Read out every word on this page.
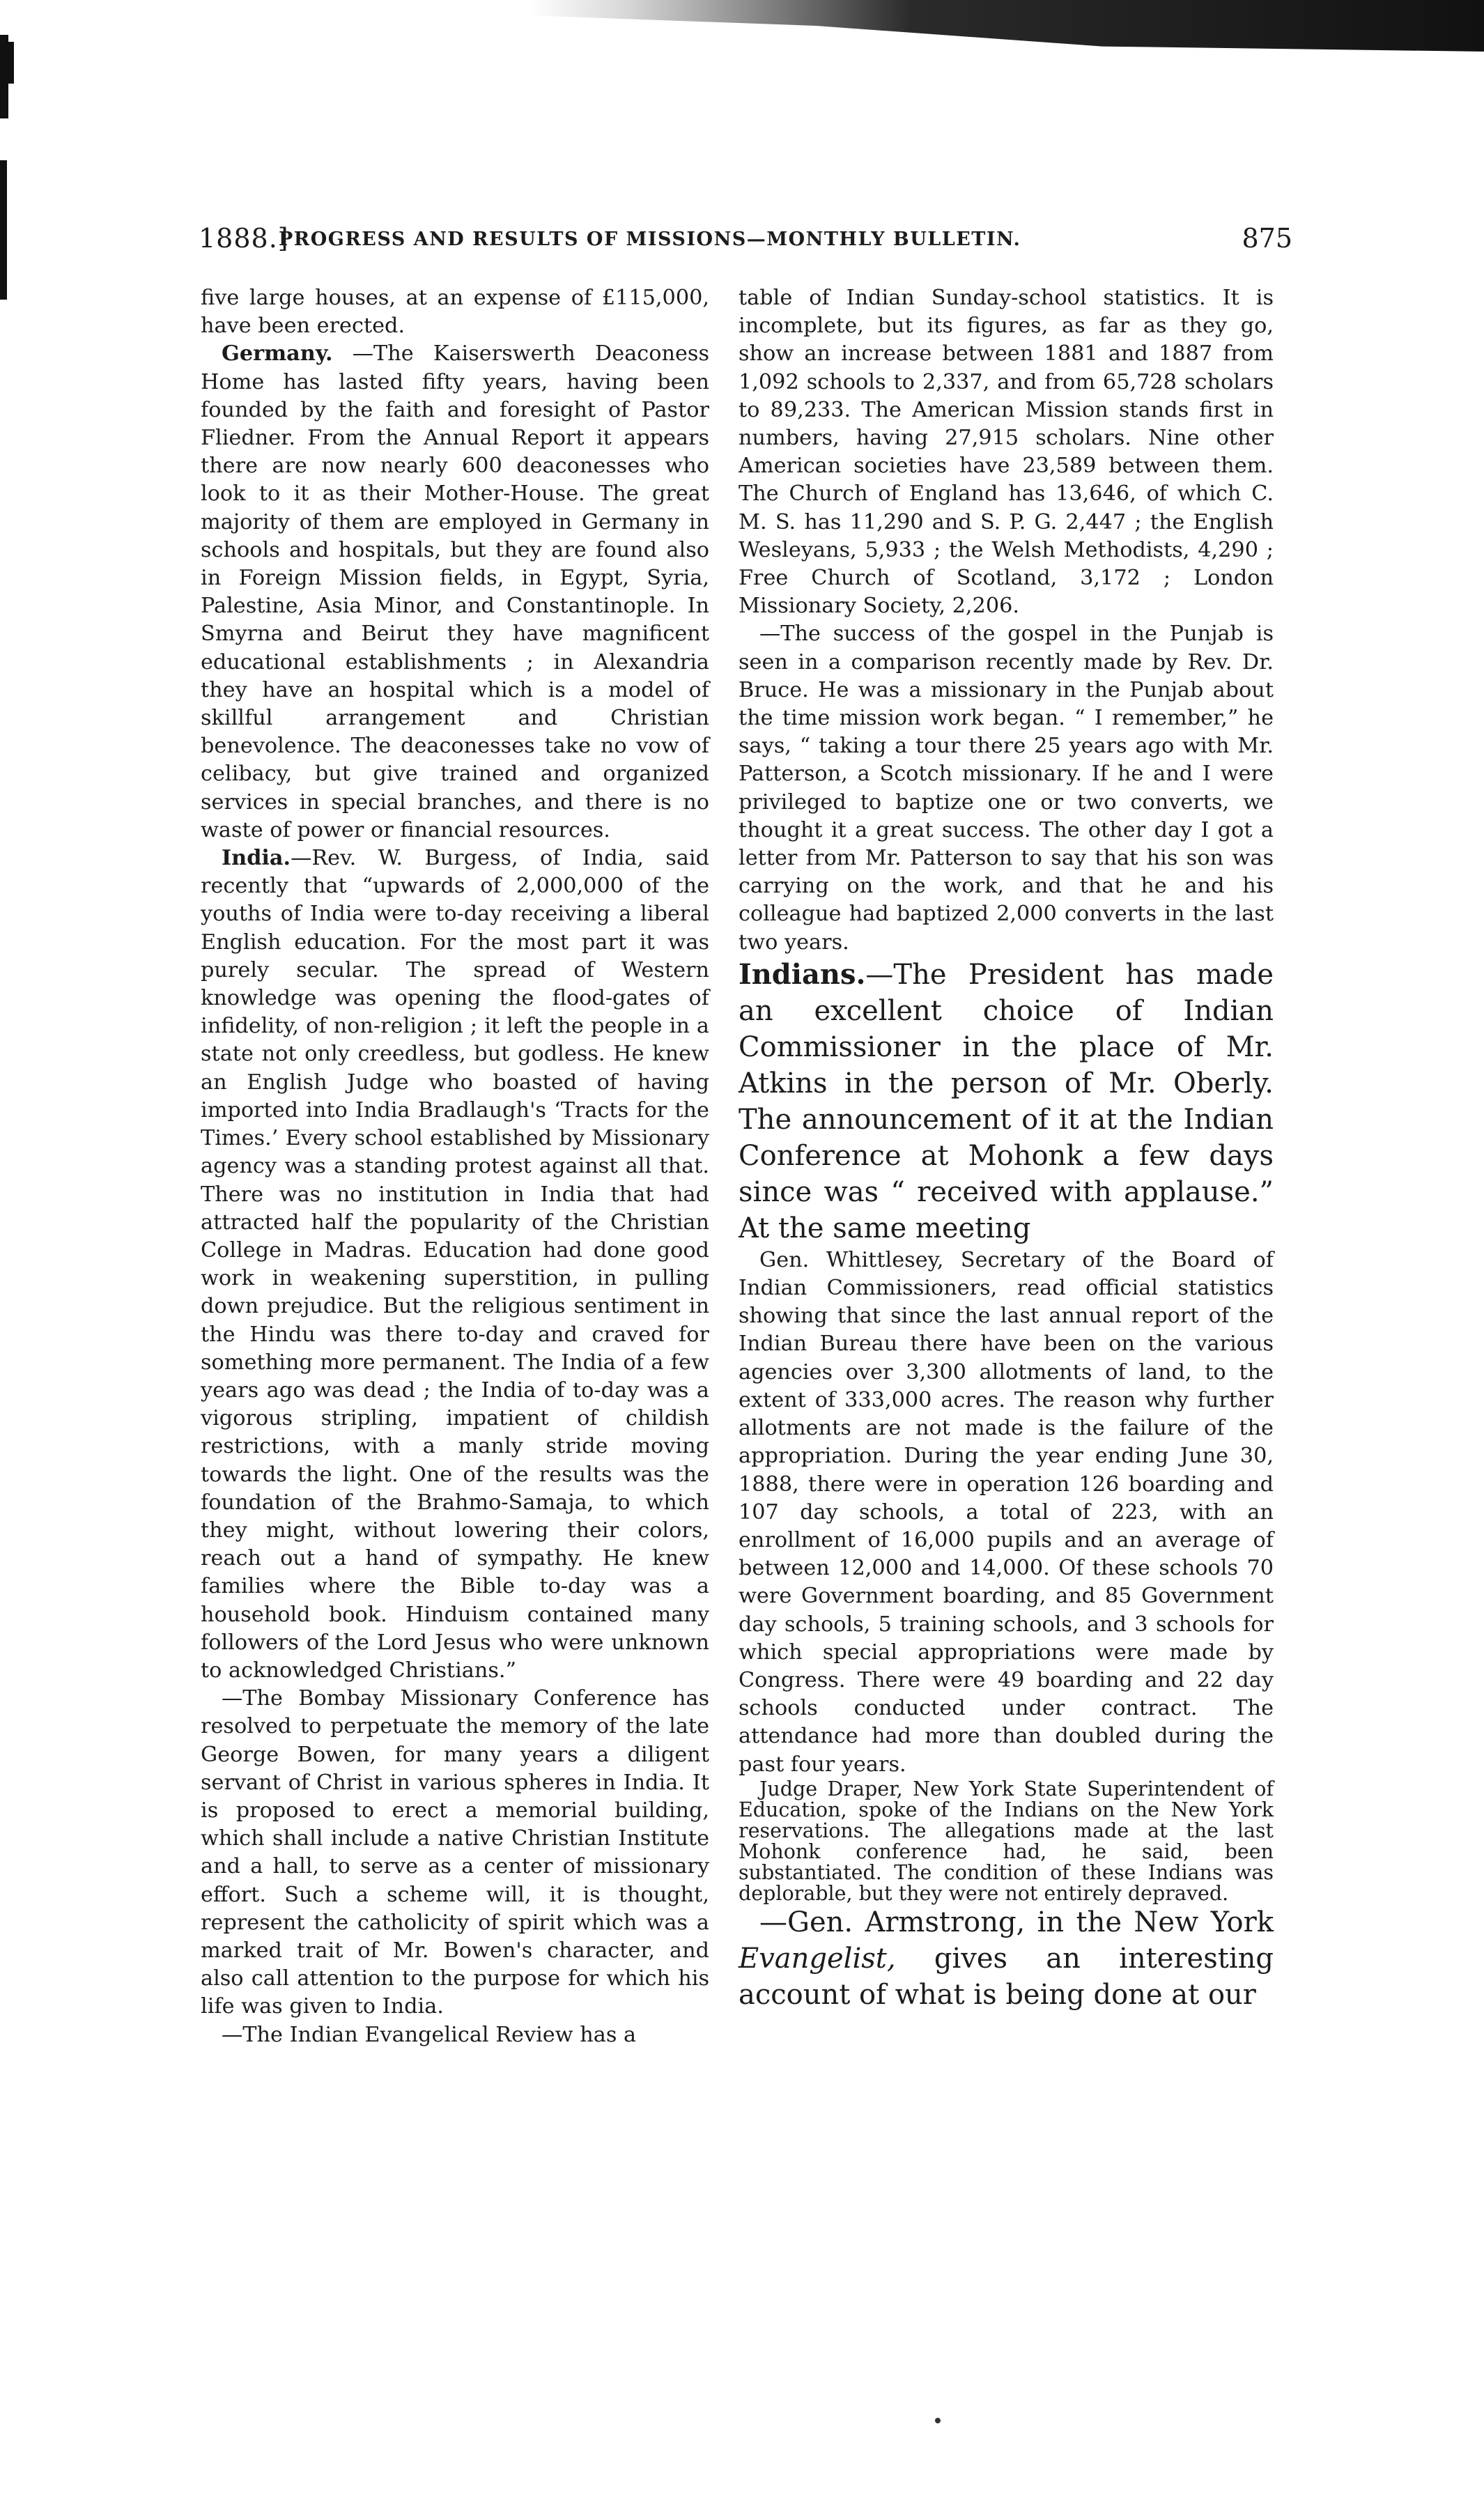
1888.]
PROGRESS AND RESULTS OF MISSIONS—MONTHLY BULLETIN.	875

five large houses, at an expense of £115,000, have been erected.

Germany. —The Kaiserswerth Deaconess Home has lasted fifty years, having been founded by the faith and foresight of Pastor Fliedner. From the Annual Report it appears there are now nearly 600 deaconesses who look to it as their Mother-House. The great majority of them are employed in Germany in schools and hospitals, but they are found also in Foreign Mission fields, in Egypt, Syria, Palestine, Asia Minor, and Constantinople. In Smyrna and Beirut they have magnificent educational establishments ; in Alexandria they have an hospital which is a model of skillful arrangement and Christian benevolence. The deaconesses take no vow of celibacy, but give trained and organized services in special branches, and there is no waste of power or financial resources.

India.—Rev. W. Burgess, of India, said recently that “upwards of 2,000,000 of the youths of India were to-day receiving a liberal English education. For the most part it was purely secular. The spread of Western knowledge was opening the flood-gates of infidelity, of non-religion ; it left the people in a state not only creedless, but godless. He knew an English Judge who boasted of having imported into India Bradlaugh's ‘Tracts for the Times.’ Every school established by Missionary agency was a standing protest against all that. There was no institution in India that had attracted half the popularity of the Christian College in Madras. Education had done good work in weakening superstition, in pulling down prejudice. But the religious sentiment in the Hindu was there to-day and craved for something more permanent. The India of a few years ago was dead ; the India of to-day was a vigorous stripling, impatient of childish restrictions, with a manly stride moving towards the light. One of the results was the foundation of the Brahmo-Samaja, to which they might, without lowering their colors, reach out a hand of sympathy. He knew families where the Bible to-day was a household book. Hinduism contained many followers of the Lord Jesus who were unknown to acknowledged Christians.”

—The Bombay Missionary Conference has resolved to perpetuate the memory of the late George Bowen, for many years a diligent servant of Christ in various spheres in India. It is proposed to erect a memorial building, which shall include a native Christian Institute and a hall, to serve as a center of missionary effort. Such a scheme will, it is thought, represent the catholicity of spirit which was a marked trait of Mr. Bowen's character, and also call attention to the purpose for which his life was given to India.

—The Indian Evangelical Review has a

table of Indian Sunday-school statistics. It is incomplete, but its figures, as far as they go, show an increase between 1881 and 1887 from 1,092 schools to 2,337, and from 65,728 scholars to 89,233. The American Mission stands first in numbers, having 27,915 scholars. Nine other American societies have 23,589 between them. The Church of England has 13,646, of which C. M. S. has 11,290 and S. P. G. 2,447 ; the English Wesleyans, 5,933 ; the Welsh Methodists, 4,290 ; Free Church of Scotland, 3,172 ; London Missionary Society, 2,206.

—The success of the gospel in the Punjab is seen in a comparison recently made by Rev. Dr. Bruce. He was a missionary in the Punjab about the time mission work began. “ I remember,” he says, “ taking a tour there 25 years ago with Mr. Patterson, a Scotch missionary. If he and I were privileged to baptize one or two converts, we thought it a great success. The other day I got a letter from Mr. Patterson to say that his son was carrying on the work, and that he and his colleague had baptized 2,000 converts in the last two years.

Indians.—The President has made an excellent choice of Indian Commissioner in the place of Mr. Atkins in the person of Mr. Oberly. The announcement of it at the Indian Conference at Mohonk a few days since was “ received with applause.” At the same meeting

Gen. Whittlesey, Secretary of the Board of Indian Commissioners, read official statistics showing that since the last annual report of the Indian Bureau there have been on the various agencies over 3,300 allotments of land, to the extent of 333,000 acres. The reason why further allotments are not made is the failure of the appropriation. During the year ending June 30, 1888, there were in operation 126 boarding and 107 day schools, a total of 223, with an enrollment of 16,000 pupils and an average of between 12,000 and 14,000. Of these schools 70 were Government boarding, and 85 Government day schools, 5 training schools, and 3 schools for which special appropriations were made by Congress. There were 49 boarding and 22 day schools conducted under contract. The attendance had more than doubled during the past four years.

Judge Draper, New York State Superintendent of Education, spoke of the Indians on the New York reservations. The allegations made at the last Mohonk conference had, he said, been substantiated. The condition of these Indians was deplorable, but they were not entirely depraved.

—Gen. Armstrong, in the New York Evangelist, gives an interesting account of what is being done at our
